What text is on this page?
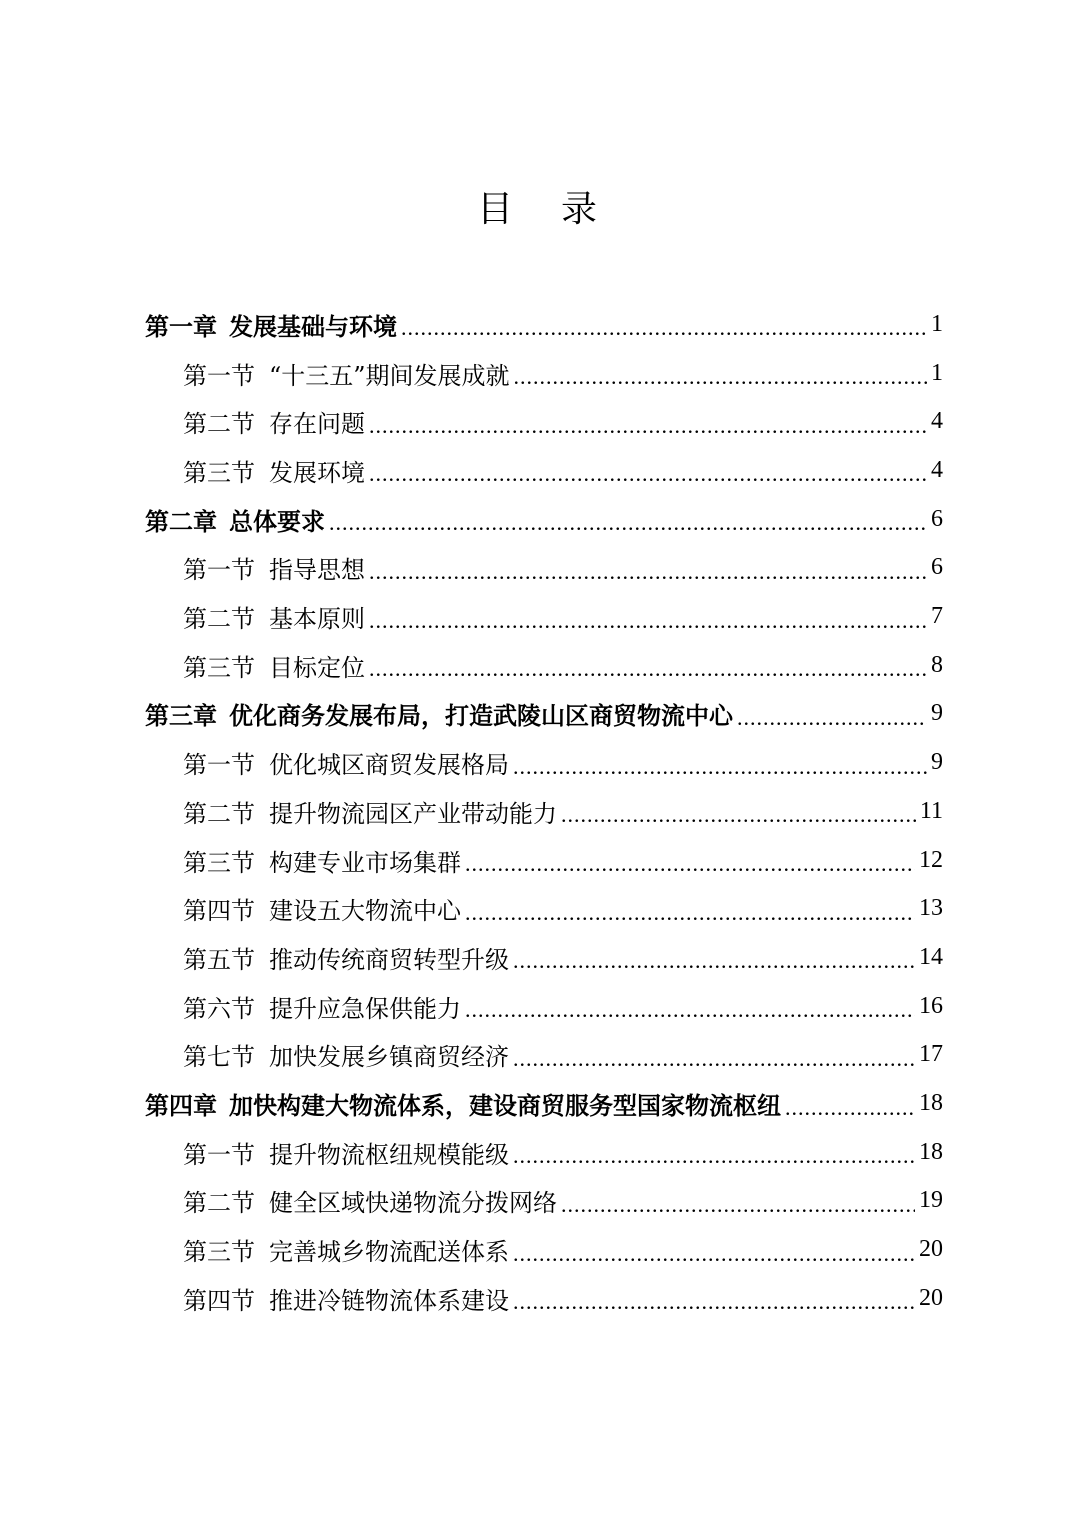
目 录
第一章 发展基础与环境 .....	1
第一节 “十三五”期间发展成就 .....	1
第二节 存在问题 .....	4
第三节 发展环境 .....	4
第二章 总体要求 .....	6
第一节 指导思想 .....	6
第二节 基本原则 .....	7
第三节 目标定位 .....	8
第三章 优化商务发展布局，打造武陵山区商贸物流中心 .....	9
第一节 优化城区商贸发展格局 .....	9
第二节 提升物流园区产业带动能力 .....	11
第三节 构建专业市场集群 .....	12
第四节 建设五大物流中心 .....	13
第五节 推动传统商贸转型升级 .....	14
第六节 提升应急保供能力 .....	16
第七节 加快发展乡镇商贸经济 .....	17
第四章 加快构建大物流体系，建设商贸服务型国家物流枢纽 .....	18
第一节 提升物流枢纽规模能级 .....	18
第二节 健全区域快递物流分拨网络 .....	19
第三节 完善城乡物流配送体系 .....	20
第四节 推进冷链物流体系建设 .....	20
